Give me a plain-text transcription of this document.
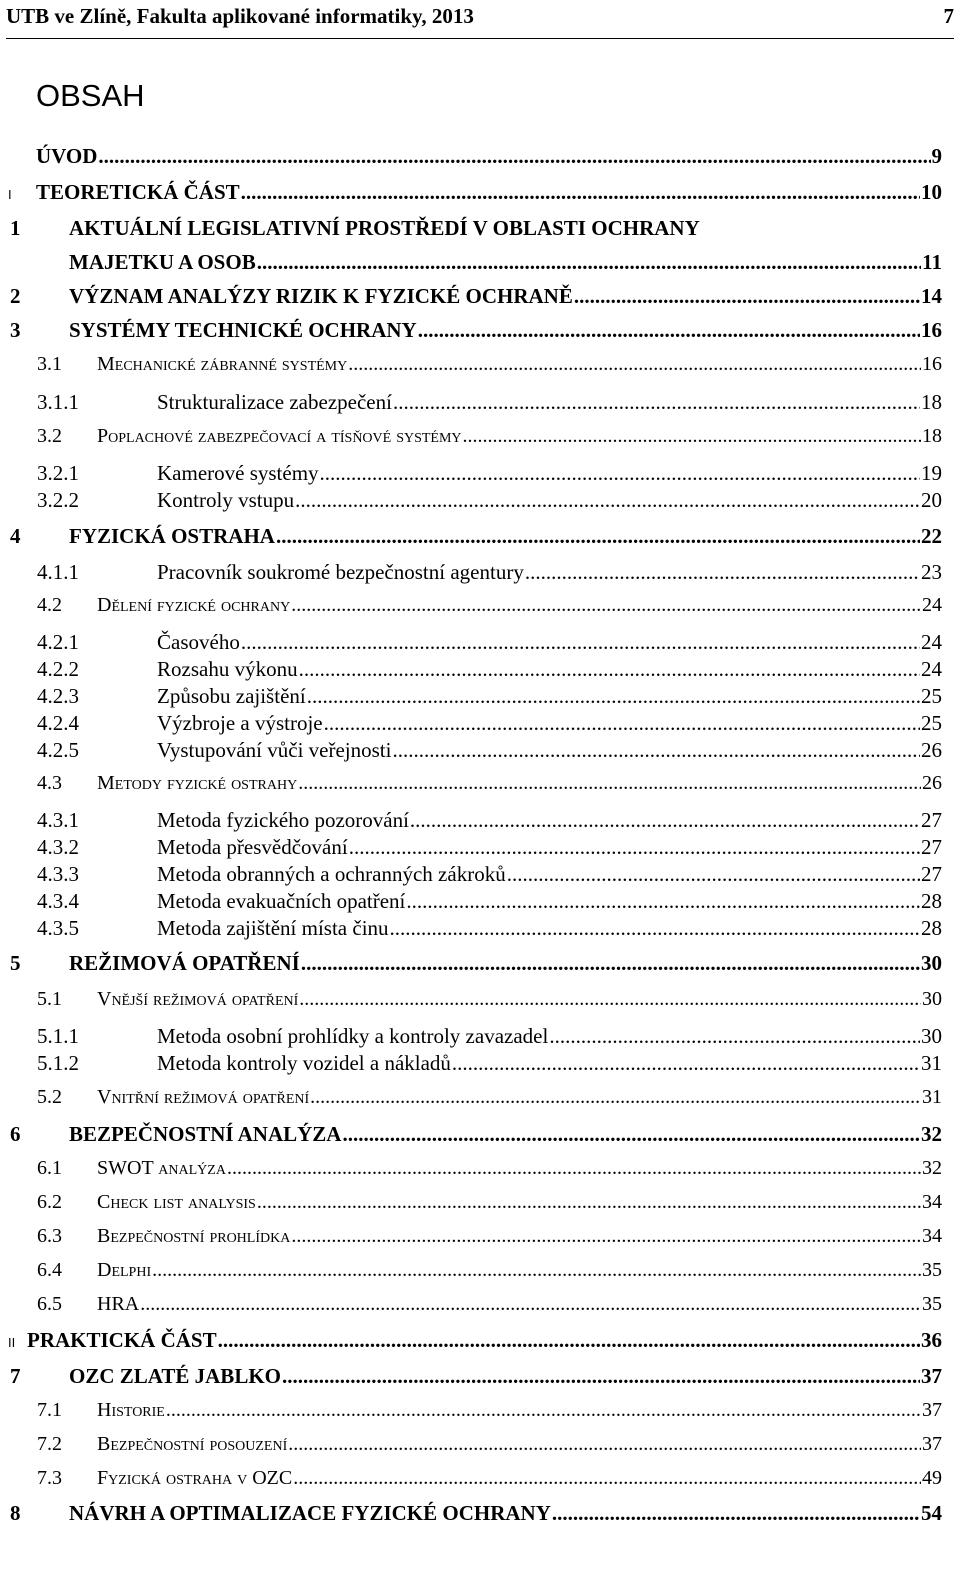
UTB ve Zlíně, Fakulta aplikované informatiky, 2013	7
OBSAH
ÚVOD .....	9
I	TEORETICKÁ ČÁST .....	10
1	AKTUÁLNÍ LEGISLATIVNÍ PROSTŘEDÍ V OBLASTI OCHRANY
MAJETKU A OSOB .....	11
2	VÝZNAM ANALÝZY RIZIK K FYZICKÉ OCHRANĚ .....	14
3	SYSTÉMY TECHNICKÉ OCHRANY .....	16
3.1	Mechanické zábranné systémy .....	16
3.1.1	Strukturalizace zabezpečení .....	18
3.2	Poplachové zabezpečovací a tísňové systémy .....	18
3.2.1	Kamerové systémy .....	19
3.2.2	Kontroly vstupu .....	20
4	FYZICKÁ OSTRAHA .....	22
4.1.1	Pracovník soukromé bezpečnostní agentury .....	23
4.2	Dělení fyzické ochrany .....	24
4.2.1	Časového .....	24
4.2.2	Rozsahu výkonu .....	24
4.2.3	Způsobu zajištění .....	25
4.2.4	Výzbroje a výstroje .....	25
4.2.5	Vystupování vůči veřejnosti .....	26
4.3	Metody fyzické ostrahy .....	26
4.3.1	Metoda fyzického pozorování .....	27
4.3.2	Metoda přesvědčování .....	27
4.3.3	Metoda obranných a ochranných zákroků .....	27
4.3.4	Metoda evakuačních opatření .....	28
4.3.5	Metoda zajištění místa činu .....	28
5	REŽIMOVÁ OPATŘENÍ .....	30
5.1	Vnější režimová opatření .....	30
5.1.1	Metoda osobní prohlídky a kontroly zavazadel .....	30
5.1.2	Metoda kontroly vozidel a nákladů .....	31
5.2	Vnitřní režimová opatření .....	31
6	BEZPEČNOSTNÍ ANALÝZA .....	32
6.1	SWOT analýza .....	32
6.2	Check list analysis .....	34
6.3	Bezpečnostní prohlídka .....	34
6.4	Delphi .....	35
6.5	HRA .....	35
II PRAKTICKÁ ČÁST .....	36
7	OZC ZLATÉ JABLKO .....	37
7.1	Historie .....	37
7.2	Bezpečnostní posouzení .....	37
7.3	Fyzická ostraha v OZC .....	49
8	NÁVRH A OPTIMALIZACE FYZICKÉ OCHRANY .....	54
